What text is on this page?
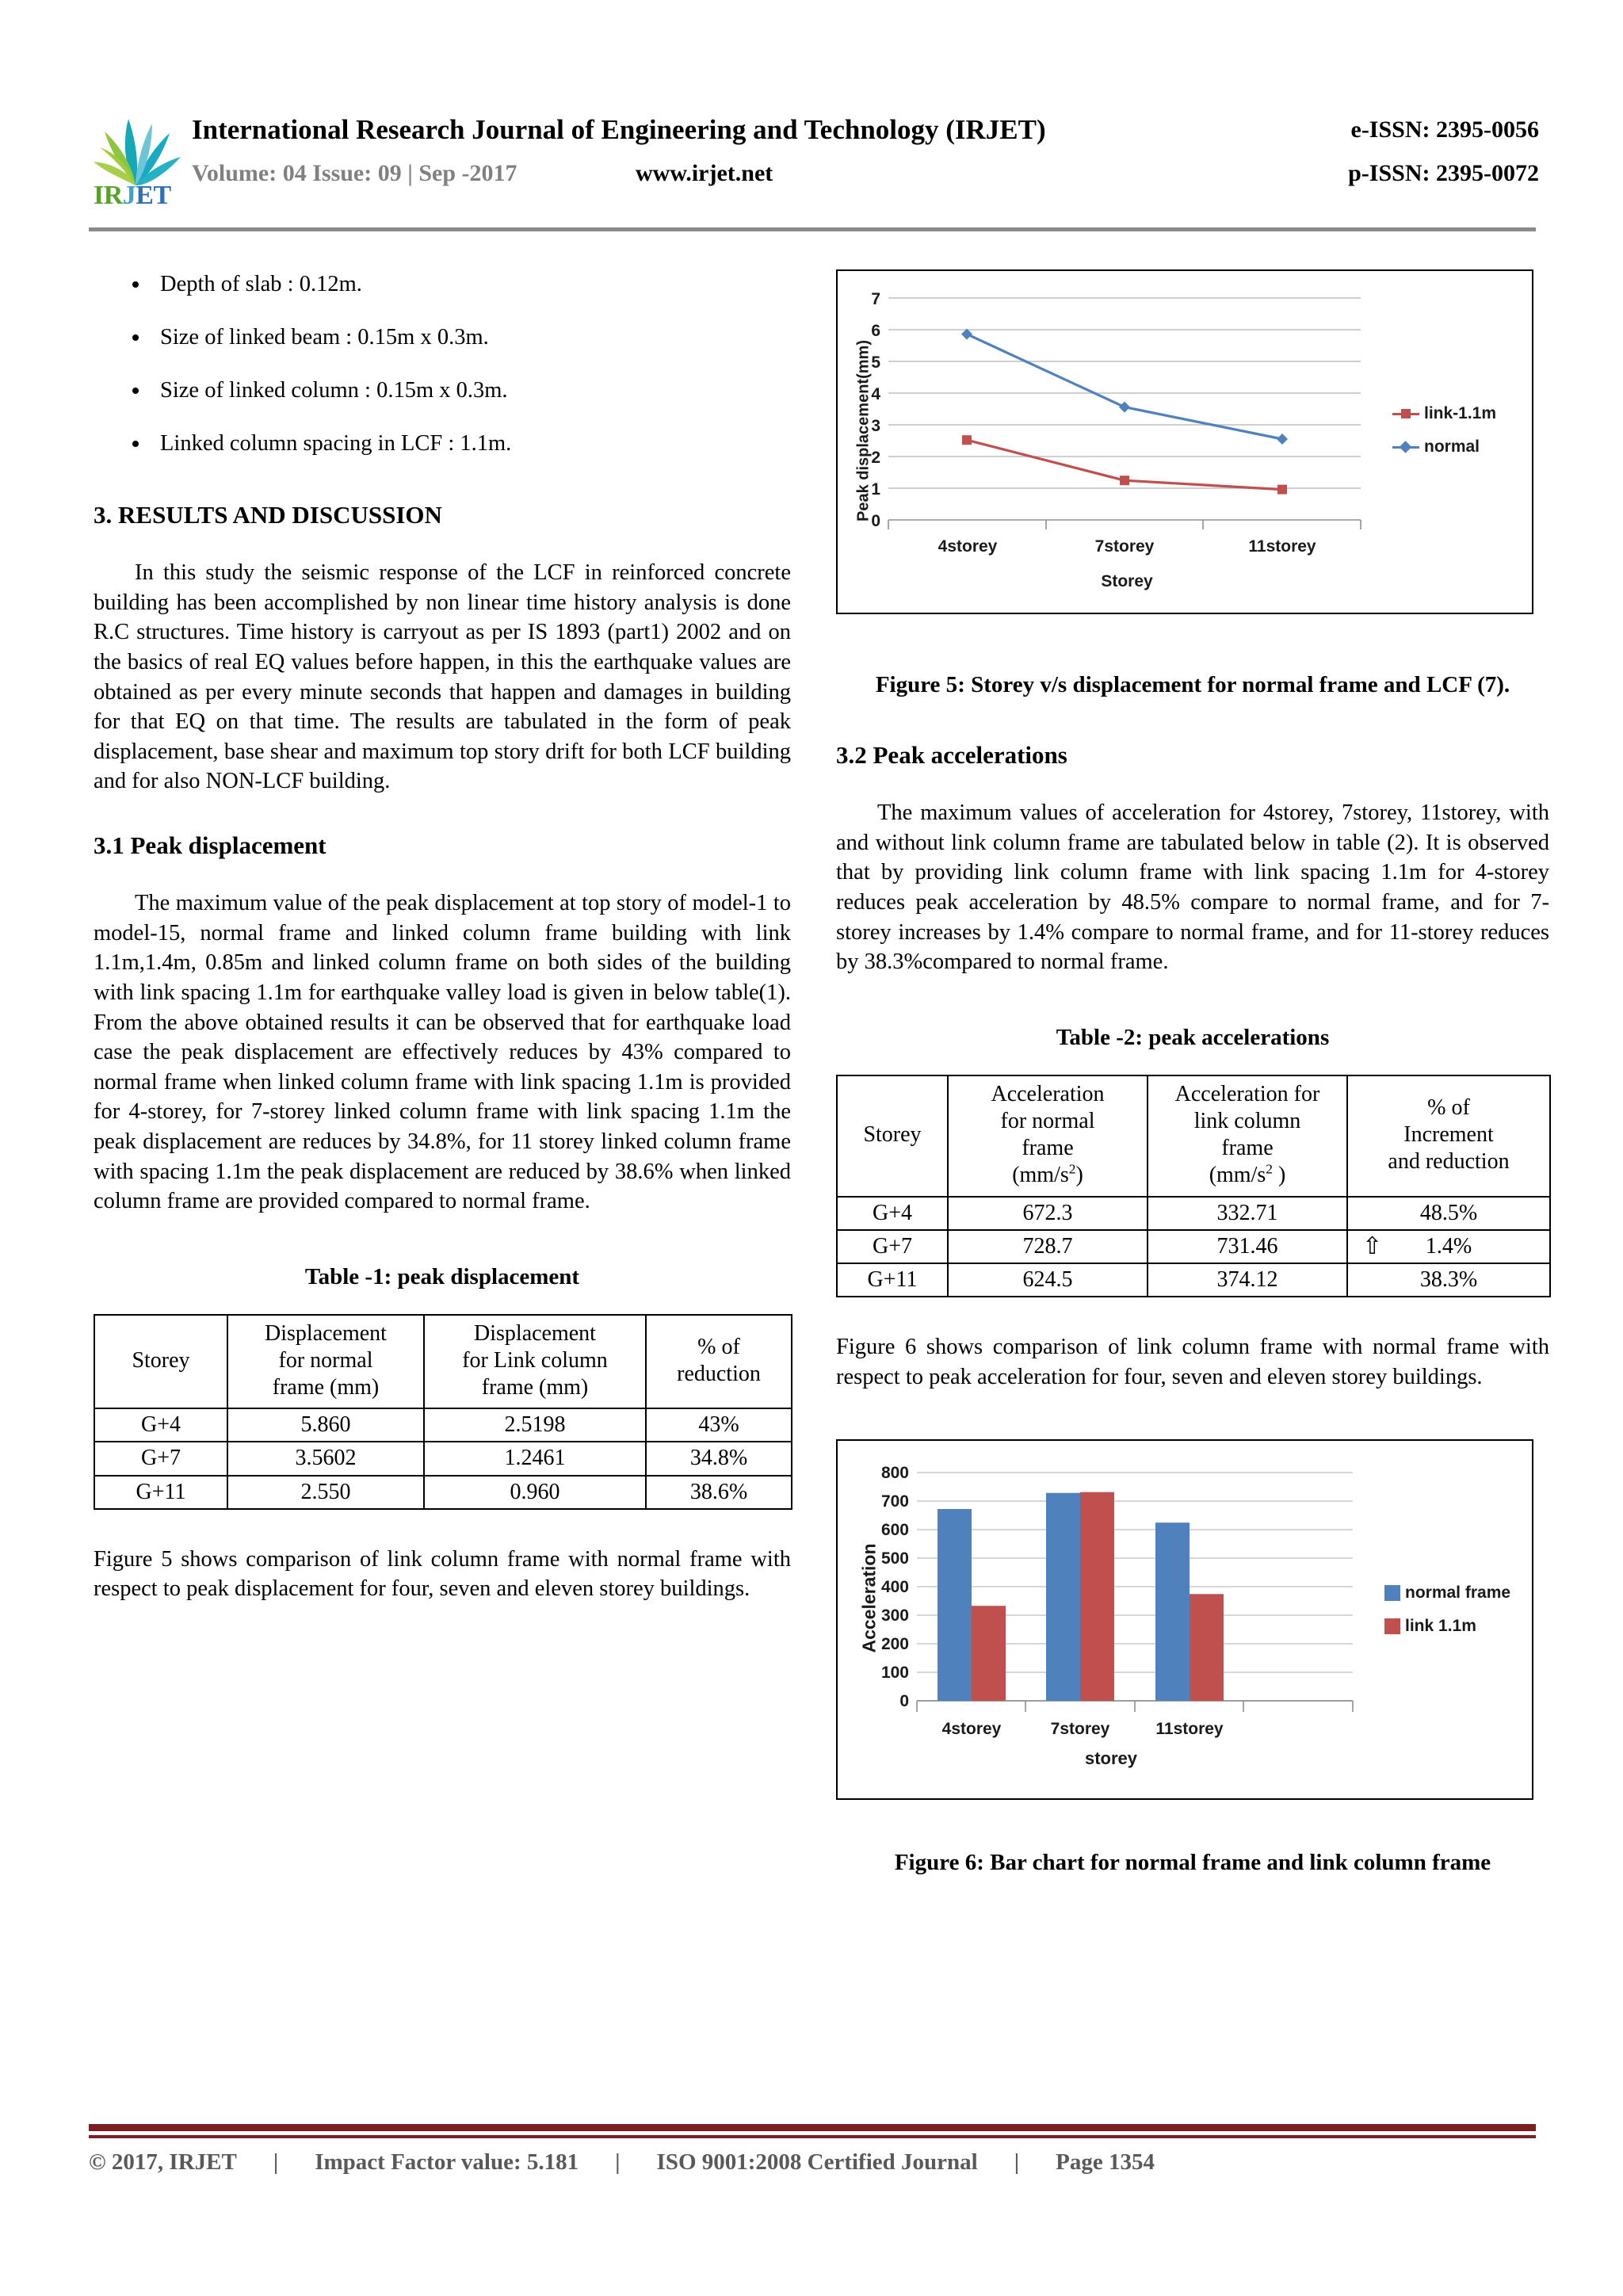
IRJET
International Research Journal of Engineering and Technology (IRJET)	e-ISSN: 2395-0056
Volume: 04 Issue: 09 | Sep -2017	www.irjet.net	p-ISSN: 2395-0072
• Depth of slab : 0.12m.
• Size of linked beam : 0.15m x 0.3m.
• Size of linked column : 0.15m x 0.3m.
• Linked column spacing in LCF : 1.1m.
3. RESULTS AND DISCUSSION

In this study the seismic response of the LCF in reinforced concrete building has been accomplished by non linear time history analysis is done R.C structures. Time history is carryout as per IS 1893 (part1) 2002 and on the basics of real EQ values before happen, in this the earthquake values are obtained as per every minute seconds that happen and damages in building for that EQ on that time. The results are tabulated in the form of peak displacement, base shear and maximum top story drift for both LCF building and for also NON-LCF building.

3.1 Peak displacement

The maximum value of the peak displacement at top story of model-1 to model-15, normal frame and linked column frame building with link 1.1m,1.4m, 0.85m and linked column frame on both sides of the building with link spacing 1.1m for earthquake valley load is given in below table(1). From the above obtained results it can be observed that for earthquake load case the peak displacement are effectively reduces by 43% compared to normal frame when linked column frame with link spacing 1.1m is provided for 4-storey, for 7-storey linked column frame with link spacing 1.1m the peak displacement are reduces by 34.8%, for 11 storey linked column frame with spacing 1.1m the peak displacement are reduced by 38.6% when linked column frame are provided compared to normal frame.

Table -1: peak displacement
Storey

Displacement
for normal
frame (mm)

Displacement
for Link column
frame (mm)

% of
reduction

G+4	5.860	2.5198	43%
G+7	3.5602	1.2461	34.8%
G+11	2.550	0.960	38.6%

Figure 5 shows comparison of link column frame with normal frame with respect to peak displacement for four, seven and eleven storey buildings.

Peak displacement(mm)
7
6
5
4
3
2
1
0
4storey	7storey	11storey
Storey
link-1.1m
normal
Figure 5: Storey v/s displacement for normal frame and LCF (7).
3.2 Peak accelerations

The maximum values of acceleration for 4storey, 7storey, 11storey, with and without link column frame are tabulated below in table (2). It is observed that by providing link column frame with link spacing 1.1m for 4-storey reduces peak acceleration by 48.5% compare to normal frame, and for 7-storey increases by 1.4% compare to normal frame, and for 11-storey reduces by 38.3%compared to normal frame.

Table -2: peak accelerations
Storey

Acceleration
for normal
frame
$(mm/s^2)$

Acceleration for
link column
frame
($mm/s^2$ )

% of
Increment
and reduction

G+4	672.3	332.71	48.5%
G+7	728.7	731.46	⇧ 1.4%
G+11	624.5	374.12	38.3%

Figure 6 shows comparison of link column frame with normal frame with respect to peak acceleration for four, seven and eleven storey buildings.

Acceleration
800
700
600
500
400
300
200
100
0
4storey	7storey	11storey
storey
normal frame
link 1.1m
Figure 6: Bar chart for normal frame and link column frame
© 2017, IRJET	|	Impact Factor value: 5.181	|	ISO 9001:2008 Certified Journal	|	Page 1354
